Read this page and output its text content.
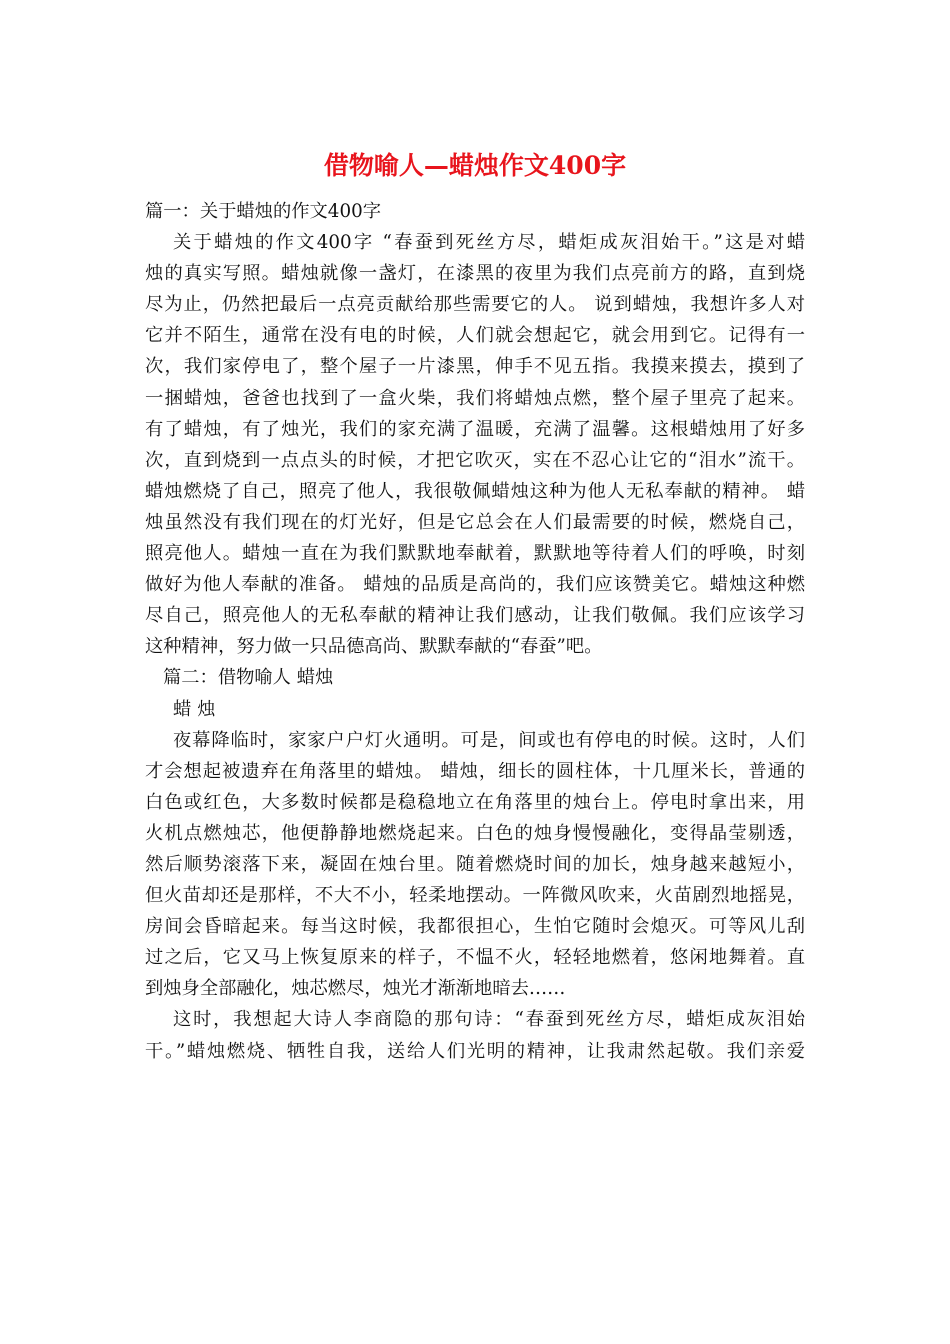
借物喻人—蜡烛作文400字
篇一：关于蜡烛的作文400字
关于蜡烛的作文400字 “春蚕到死丝方尽，蜡炬成灰泪始干。”这是对蜡
烛的真实写照。蜡烛就像一盏灯，在漆黑的夜里为我们点亮前方的路，直到烧
尽为止，仍然把最后一点亮贡献给那些需要它的人。 说到蜡烛，我想许多人对
它并不陌生，通常在没有电的时候，人们就会想起它，就会用到它。记得有一
次，我们家停电了，整个屋子一片漆黑，伸手不见五指。我摸来摸去，摸到了
一捆蜡烛，爸爸也找到了一盒火柴，我们将蜡烛点燃，整个屋子里亮了起来。
有了蜡烛，有了烛光，我们的家充满了温暖，充满了温馨。这根蜡烛用了好多
次，直到烧到一点点头的时候，才把它吹灭，实在不忍心让它的“泪水”流干。
蜡烛燃烧了自己，照亮了他人，我很敬佩蜡烛这种为他人无私奉献的精神。 蜡
烛虽然没有我们现在的灯光好，但是它总会在人们最需要的时候，燃烧自己，
照亮他人。蜡烛一直在为我们默默地奉献着，默默地等待着人们的呼唤，时刻
做好为他人奉献的准备。 蜡烛的品质是高尚的，我们应该赞美它。蜡烛这种燃
尽自己，照亮他人的无私奉献的精神让我们感动，让我们敬佩。我们应该学习
这种精神，努力做一只品德高尚、默默奉献的“春蚕”吧。
篇二：借物喻人 蜡烛
蜡 烛
夜幕降临时，家家户户灯火通明。可是，间或也有停电的时候。这时，人们
才会想起被遗弃在角落里的蜡烛。 蜡烛，细长的圆柱体，十几厘米长，普通的
白色或红色，大多数时候都是稳稳地立在角落里的烛台上。停电时拿出来，用
火机点燃烛芯，他便静静地燃烧起来。白色的烛身慢慢融化，变得晶莹剔透，
然后顺势滚落下来，凝固在烛台里。随着燃烧时间的加长，烛身越来越短小，
但火苗却还是那样，不大不小，轻柔地摆动。一阵微风吹来，火苗剧烈地摇晃，
房间会昏暗起来。每当这时候，我都很担心，生怕它随时会熄灭。可等风儿刮
过之后，它又马上恢复原来的样子，不愠不火，轻轻地燃着，悠闲地舞着。直
到烛身全部融化，烛芯燃尽，烛光才渐渐地暗去……
这时，我想起大诗人李商隐的那句诗：“春蚕到死丝方尽，蜡炬成灰泪始
干。”蜡烛燃烧、牺牲自我，送给人们光明的精神，让我肃然起敬。我们亲爱
